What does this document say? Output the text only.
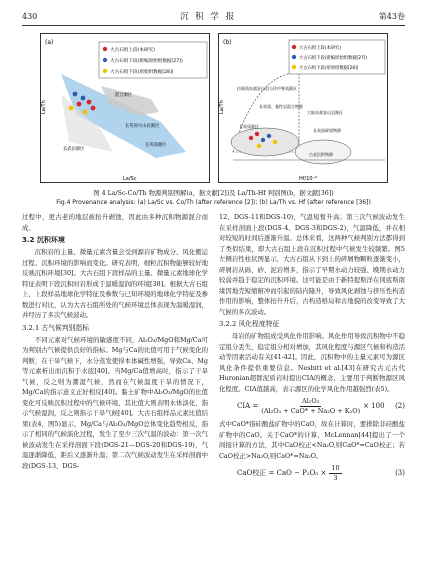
430	沉 积 学 报	第43卷
大古石组上段(本研究)
大古石组下段(新编原始组数据[27])
大古石组下段(原始组数据[28])
(a)
La/Th
La/Sc
长英质火山岩源区
玄武岩源区
长英质源区
混合源区
大古石组上段(本研究)
大古石组下段(新编原始组数据[27])
大古石组下段(原始组数据[28])
(b)
La/Th
Hf/10⁻⁶
拉斑质岛弧安山岩与洋中脊质源区
长英质、基性岩混合物源
长英质源区
长英质碎屑物源
大陆岛弧安山岩源区
古老沉积物源
图 4 La/Sc-Co/Th 物源判别图解(a，据文献[2])及 La/Th-Hf 判别图(b，据文献[36])
Fig.4 Provenance analysis: (a) La/Sc vs. Co/Th (after reference [2]); (b) La/Th vs. Hf (after reference [36])

过程中，更古老的地层被抬升剥蚀，因此由多种沉积物源混合而成。

3.2 沉积环境

沉积岩的主量、微量元素含量会受到源岩矿物成分、风化搬运过程、沉积环境的影响而变化。研究表明，细粒沉积物能够较好地反映沉积环境[30]。大古石组下段样品的主量、微量元素地球化学特征表明下段沉积时岩形成于温暖湿润的环境[38]。根据大古石组上、上段样品地球化学特征及参数与已知环境的地球化学特征及参数进行对比，认为大古石组所处的气候环境总体表现为温暖湿润，并经历了多次气候波动。

3.2.1 古气候判别指标

不同元素对气候环境的敏感度不同，Al₂O₃/MgO和Mg/Ca可为判别古气候提供良好的指标。Mg与Ca的比值可用于气候变化的判断，在干旱气候下，水分蒸发使得本体碱性增强，导致Ca、Mg等元素析出而沉积于水底[40]。当Mg/Ca值增高时，指示了干旱气候，反之则为潮湿气候，然而在气候温度干旱的情况下，Mg/Ca的指示意义正好相反[40]。黏土矿物中Al₂O₃/MgO的比值变化可反映沉积过程中的气候环境，其比值大则表明水体淡化，指示气候湿润，反之则指示干旱气候[40]。大古石组样品元素比值结果(表4，图5)显示，Mg/Ca与Al₂O₃/MgO总体变化趋势相反，指示了相同的气候演化过程，发生了至少三次气温的波动：第一次气候波动发生在采样剖面下段(DGS-21—DGS-20和DGS-19)，气温逐渐降低，距后又逐渐升温；第二次气候波动发生在采样剖面中段(DGS-13、DGS-

12、DGS-11和DGS-10)，气温短暂升高；第三次气候波动发生在采样剖面上段(DGS-4、DGS-3和DGS-2)，气温降低，并在相对较短的时间后逐渐升温。总体来看，这两种气候判别方法都得到了类似结果，即大古石组上段在沉积过程中气候发生较频繁。图5左侧岩性柱状图显示，大古石组从下到上的碎屑物颗粒逐渐变小，碎屑岩从砾、砂、泥岩增多，指示了早期水动力较强、晚期水动力较弱并趋于稳定的沉积环境。这可能是由于新特提斯洋在冈底斯南缘因地壳短缩俯冲而引起的陆内隆升，导致风化剥蚀与挤压性构造作用的影响，整体抬升升后，古构造格局和古地貌的改变导致了大气候的多次波动。

3.2.2 风化程度特征

母岩的矿物组成受风化作用影响。风化作用导致沉积物中不稳定组分丢失，稳定组分相对增加，其风化程度与源区气候和构造活动等因素活动有关[41-42]。因此，沉积物中的主量元素可为源区风化条件提供重要信息。Nesbitt et al.[43]在研究古元古代Huronian超群泥质岩时提出CIA的概念，主要用于判断物源区风化程度。CIA值越高，表示源区的化学风化作用越强烈(表5)。

CIA = $\frac{\text{Al₂O₃}}{\text{(Al₂O₃ + CaO* + Na₂O + K₂O)}} \times 100$ (2)

式中CaO*指硅酸盐矿物中的CaO，故在计算时，要排除非硅酸盐矿物中的CaO。关于CaO*的计算，McLennan[44]提出了一个间接计算的方法，其中CaO校正<Na₂O,则CaO*=CaO校正；若CaO校正>Na₂O,则CaO*=Na₂O。

CaO校正 = CaO − $P_2O_5 \times \frac{10}{3}$	(3)
